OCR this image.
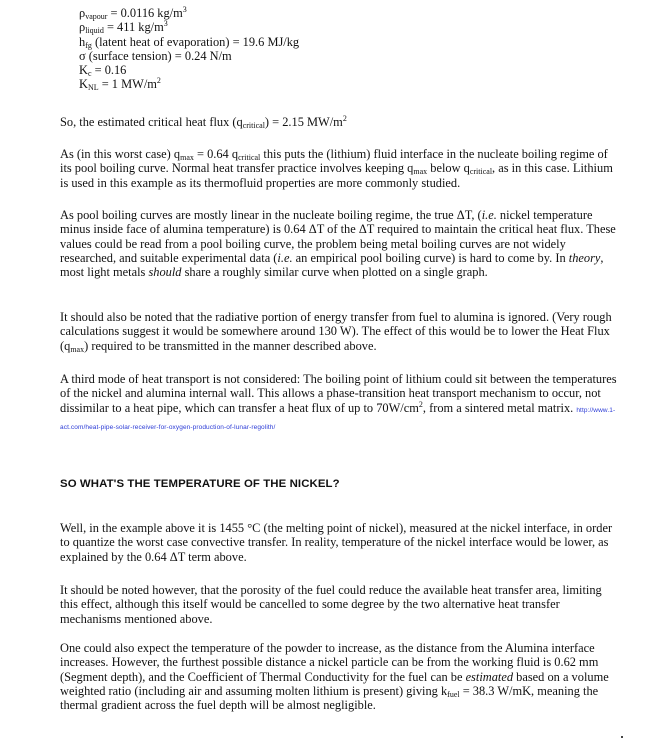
$\rho_{vapour} = 0.0116$ $kg/m^3$
$\rho_{liquid} = 411$ $kg/m^3$
$h_{fg}$ (latent heat of evaporation) = 19.6 MJ/kg
σ (surface tension) = 0.24 N/m
$K_c = 0.16$
$K_{NL} = 1$ $MW/m^2$

So, the estimated critical heat flux $(q_{critical}) = 2.15$ $MW/m^2$

As (in this worst case) $q_{max} = 0.64$ $q_{critical}$ this puts the (lithium) fluid interface in the nucleate boiling regime of its pool boiling curve. Normal heat transfer practice involves keeping $q_{max}$ below $q_{critical}$, as in this case. Lithium is used in this example as its thermofluid properties are more commonly studied.

As pool boiling curves are mostly linear in the nucleate boiling regime, the true ΔT, (i.e. nickel temperature minus inside face of alumina temperature) is 0.64 ΔT of the ΔT required to maintain the critical heat flux. These values could be read from a pool boiling curve, the problem being metal boiling curves are not widely researched, and suitable experimental data (i.e. an empirical pool boiling curve) is hard to come by. In theory, most light metals should share a roughly similar curve when plotted on a single graph.

It should also be noted that the radiative portion of energy transfer from fuel to alumina is ignored. (Very rough calculations suggest it would be somewhere around 130 W). The effect of this would be to lower the Heat Flux $(q_{max})$ required to be transmitted in the manner described above.

A third mode of heat transport is not considered: The boiling point of lithium could sit between the temperatures of the nickel and alumina internal wall. This allows a phase-transition heat transport mechanism to occur, not dissimilar to a heat pipe, which can transfer a heat flux of up to $70W/cm^2$, from a sintered metal matrix. http://www.1-act.com/heat-pipe-solar-receiver-for-oxygen-production-of-lunar-regolith/

SO WHAT'S THE TEMPERATURE OF THE NICKEL?

Well, in the example above it is 1455 °C (the melting point of nickel), measured at the nickel interface, in order to quantize the worst case convective transfer. In reality, temperature of the nickel interface would be lower, as explained by the 0.64 ΔT term above.

It should be noted however, that the porosity of the fuel could reduce the available heat transfer area, limiting this effect, although this itself would be cancelled to some degree by the two alternative heat transfer mechanisms mentioned above.

One could also expect the temperature of the powder to increase, as the distance from the Alumina interface increases. However, the furthest possible distance a nickel particle can be from the working fluid is 0.62 mm (Segment depth), and the Coefficient of Thermal Conductivity for the fuel can be estimated based on a volume weighted ratio (including air and assuming molten lithium is present) giving $k_{fuel} = 38.3$ W/mK, meaning the thermal gradient across the fuel depth will be almost negligible.
